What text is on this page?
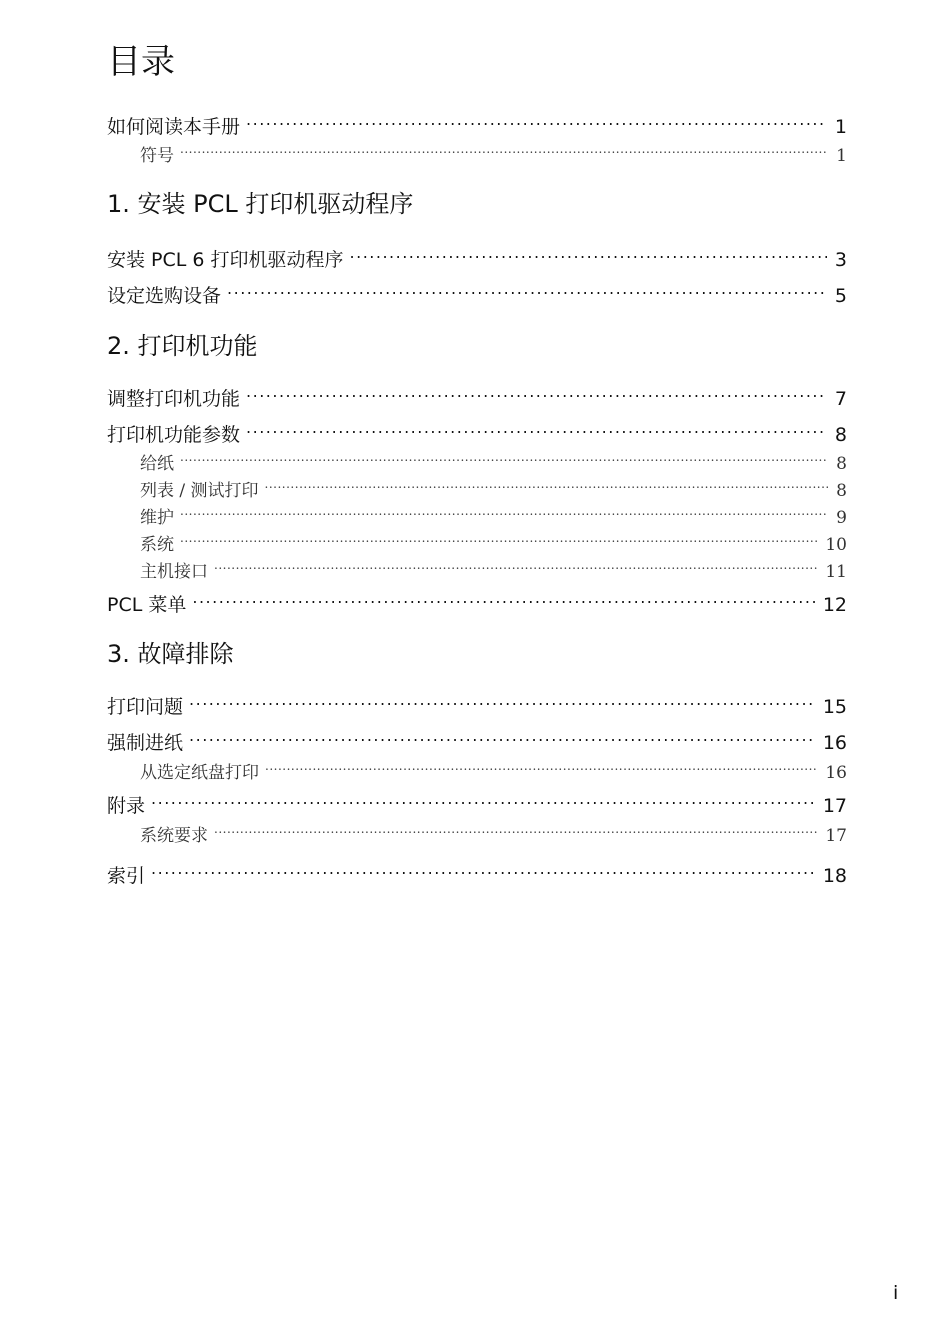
目录
如何阅读本手册 .....	1
符号 .....	1
1. 安装 PCL 打印机驱动程序
安装 PCL 6 打印机驱动程序 .....	3
设定选购设备 .....	5
2. 打印机功能
调整打印机功能 .....	7
打印机功能参数 .....	8
给纸 .....	8
列表 / 测试打印 .....	8
维护 .....	9
系统 .....	10
主机接口 .....	11
PCL 菜单 .....	12
3. 故障排除
打印问题 .....	15
强制进纸 .....	16
从选定纸盘打印 .....	16
附录 .....	17
系统要求 .....	17
索引 .....	18
i
